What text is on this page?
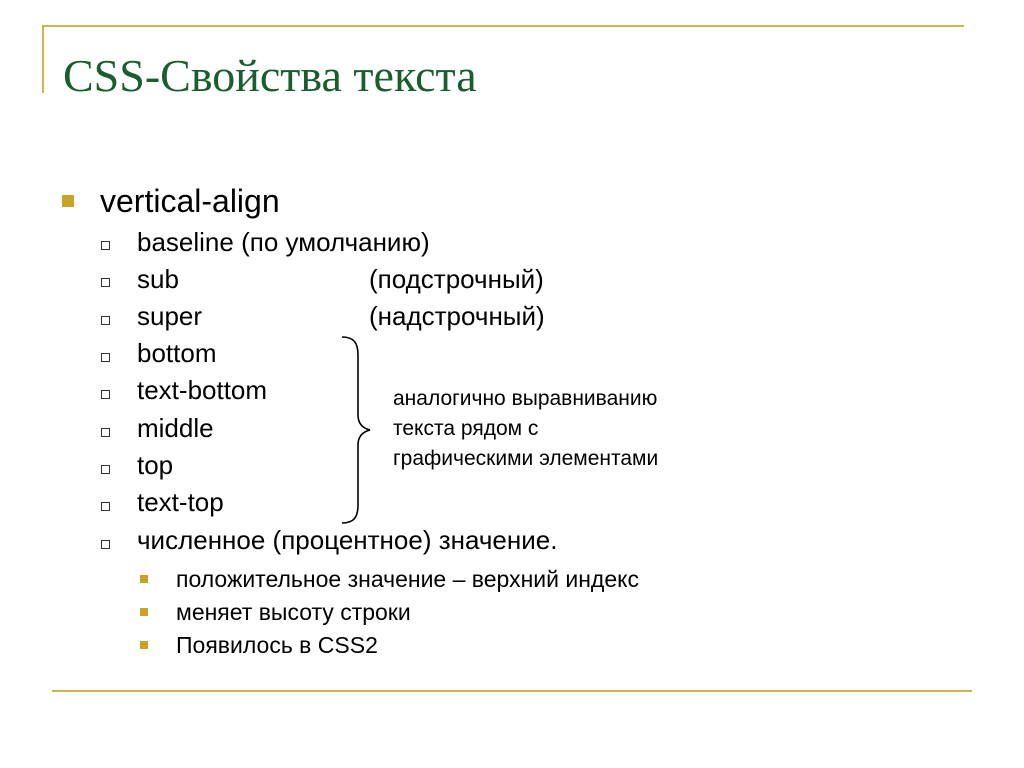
CSS-Свойства текста
vertical-align
baseline (по умолчанию)
sub	(подстрочный)
super	(надстрочный)
bottom
text-bottom
middle
top
text-top
численное (процентное) значение.
положительное значение – верхний индекс
меняет высоту строки
Появилось в CSS2
аналогично выравниванию
текста рядом с
графическими элементами
